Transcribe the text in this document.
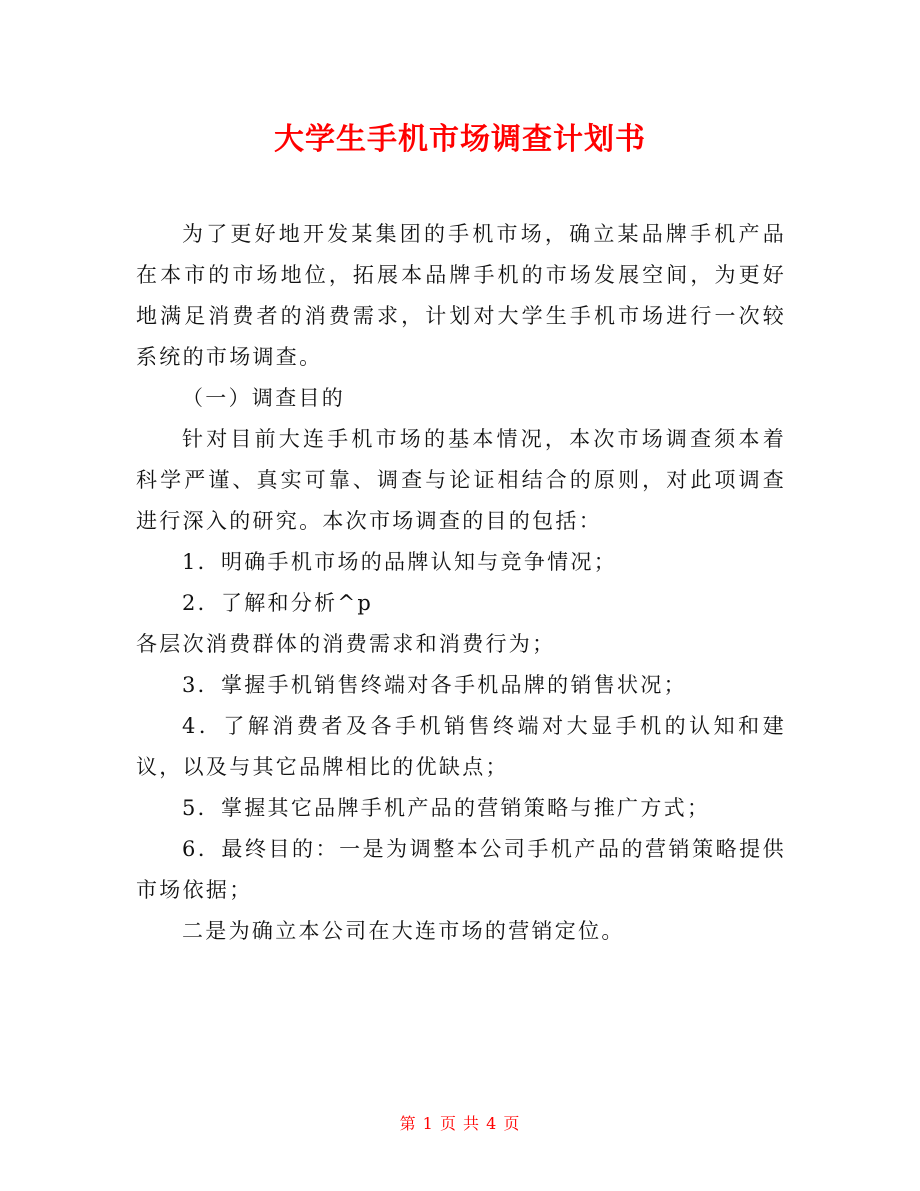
大学生手机市场调查计划书

为了更好地开发某集团的手机市场，确立某品牌手机产品在本市的市场地位，拓展本品牌手机的市场发展空间，为更好地满足消费者的消费需求，计划对大学生手机市场进行一次较系统的市场调查。

（一）调查目的

针对目前大连手机市场的基本情况，本次市场调查须本着科学严谨、真实可靠、调查与论证相结合的原则，对此项调查进行深入的研究。本次市场调查的目的包括：

1．明确手机市场的品牌认知与竞争情况；

2．了解和分析^p

各层次消费群体的消费需求和消费行为；

3．掌握手机销售终端对各手机品牌的销售状况；

4．了解消费者及各手机销售终端对大显手机的认知和建议，以及与其它品牌相比的优缺点；

5．掌握其它品牌手机产品的营销策略与推广方式；

6．最终目的：一是为调整本公司手机产品的营销策略提供市场依据；

二是为确立本公司在大连市场的营销定位。

第 1 页 共 4 页
